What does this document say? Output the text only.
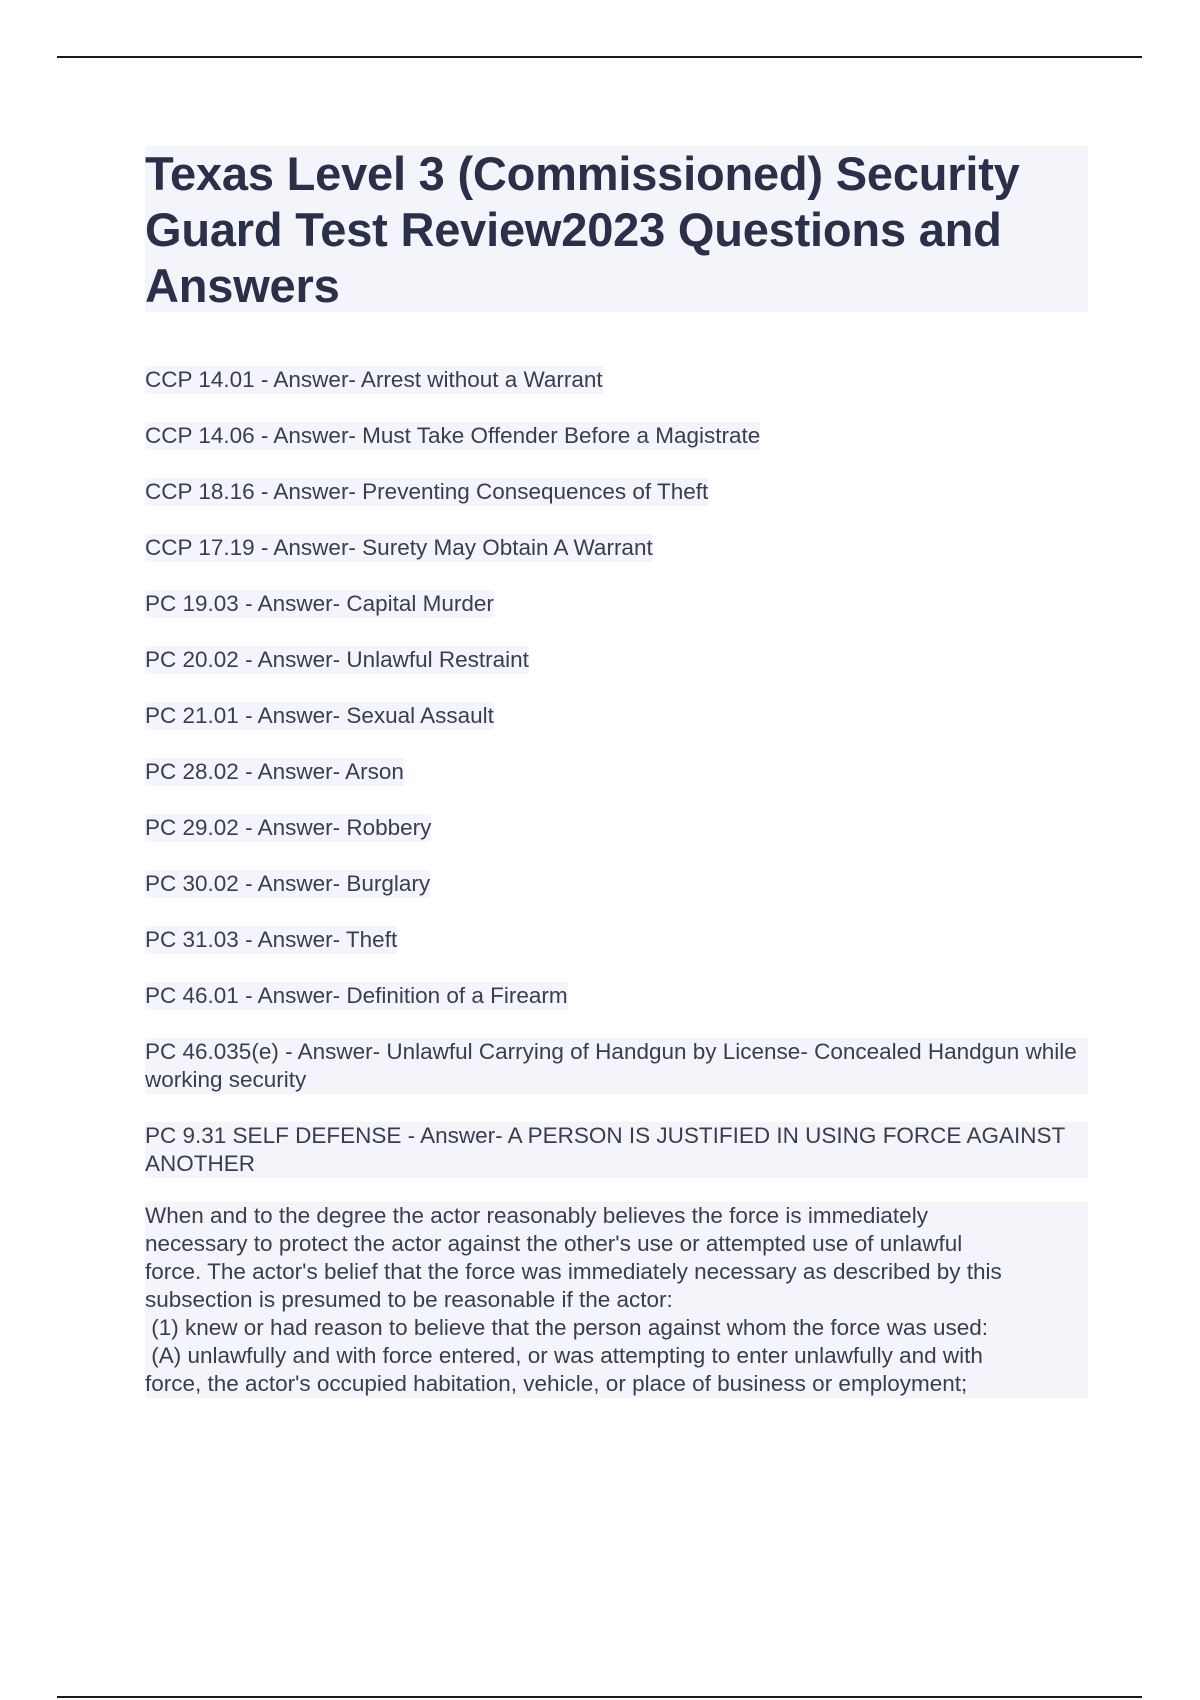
Texas Level 3 (Commissioned) Security Guard Test Review2023 Questions and Answers
CCP 14.01 - Answer- Arrest without a Warrant
CCP 14.06 - Answer- Must Take Offender Before a Magistrate
CCP 18.16 - Answer- Preventing Consequences of Theft
CCP 17.19 - Answer- Surety May Obtain A Warrant
PC 19.03 - Answer- Capital Murder
PC 20.02 - Answer- Unlawful Restraint
PC 21.01 - Answer- Sexual Assault
PC 28.02 - Answer- Arson
PC 29.02 - Answer- Robbery
PC 30.02 - Answer- Burglary
PC 31.03 - Answer- Theft
PC 46.01 - Answer- Definition of a Firearm
PC 46.035(e) - Answer- Unlawful Carrying of Handgun by License- Concealed Handgun while working security
PC 9.31 SELF DEFENSE - Answer- A PERSON IS JUSTIFIED IN USING FORCE AGAINST ANOTHER
When and to the degree the actor reasonably believes the force is immediately
necessary to protect the actor against the other's use or attempted use of unlawful
force. The actor's belief that the force was immediately necessary as described by this
subsection is presumed to be reasonable if the actor:
(1) knew or had reason to believe that the person against whom the force was used:
(A) unlawfully and with force entered, or was attempting to enter unlawfully and with
force, the actor's occupied habitation, vehicle, or place of business or employment;
